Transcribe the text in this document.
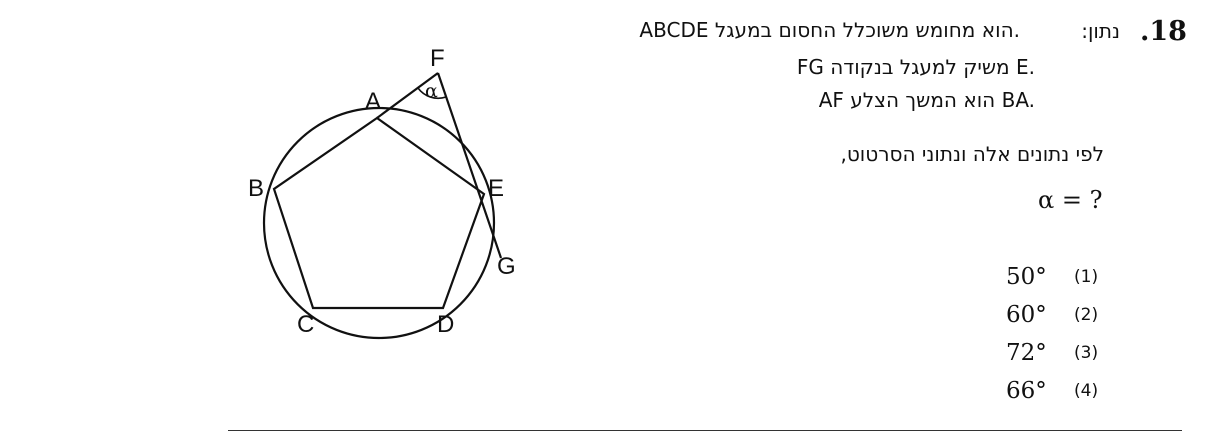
.18
נתון:
ABCDE הוא מחומש משוכלל החסום במעגל.
FG משיק למעגל בנקודה E.
AF הוא המשך הצלע BA.
לפי נתונים אלה ונתוני הסרטוט,
α = ?
50°	(1)
60°	(2)
72°	(3)
66°	(4)
F
A
B	E
G
C	D
α
